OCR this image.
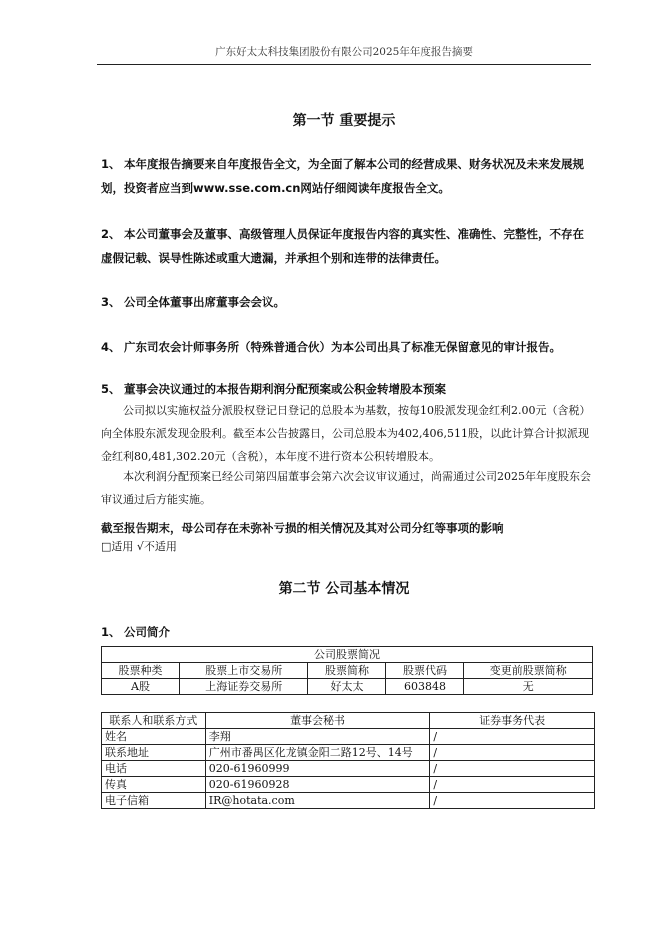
广东好太太科技集团股份有限公司2025年年度报告摘要
第一节 重要提示
1、 本年度报告摘要来自年度报告全文，为全面了解本公司的经营成果、财务状况及未来发展规划，投资者应当到www.sse.com.cn网站仔细阅读年度报告全文。
2、 本公司董事会及董事、高级管理人员保证年度报告内容的真实性、准确性、完整性，不存在虚假记载、误导性陈述或重大遗漏，并承担个别和连带的法律责任。
3、 公司全体董事出席董事会会议。
4、 广东司农会计师事务所（特殊普通合伙）为本公司出具了标准无保留意见的审计报告。
5、 董事会决议通过的本报告期利润分配预案或公积金转增股本预案
公司拟以实施权益分派股权登记日登记的总股本为基数，按每10股派发现金红利2.00元（含税）向全体股东派发现金股利。截至本公告披露日，公司总股本为402,406,511股，以此计算合计拟派现金红利80,481,302.20元（含税），本年度不进行资本公积转增股本。
本次利润分配预案已经公司第四届董事会第六次会议审议通过，尚需通过公司2025年年度股东会审议通过后方能实施。
截至报告期末，母公司存在未弥补亏损的相关情况及其对公司分红等事项的影响
□适用 √不适用
第二节 公司基本情况
1、 公司简介
公司股票简况				
股票种类	股票上市交易所	股票简称	股票代码	变更前股票简称
A股	上海证券交易所	好太太	603848	无
联系人和联系方式	董事会秘书	证券事务代表
姓名	李翔	/
联系地址	广州市番禺区化龙镇金阳二路12号、14号	/
电话	020-61960999	/
传真	020-61960928	/
电子信箱	IR@hotata.com	/
